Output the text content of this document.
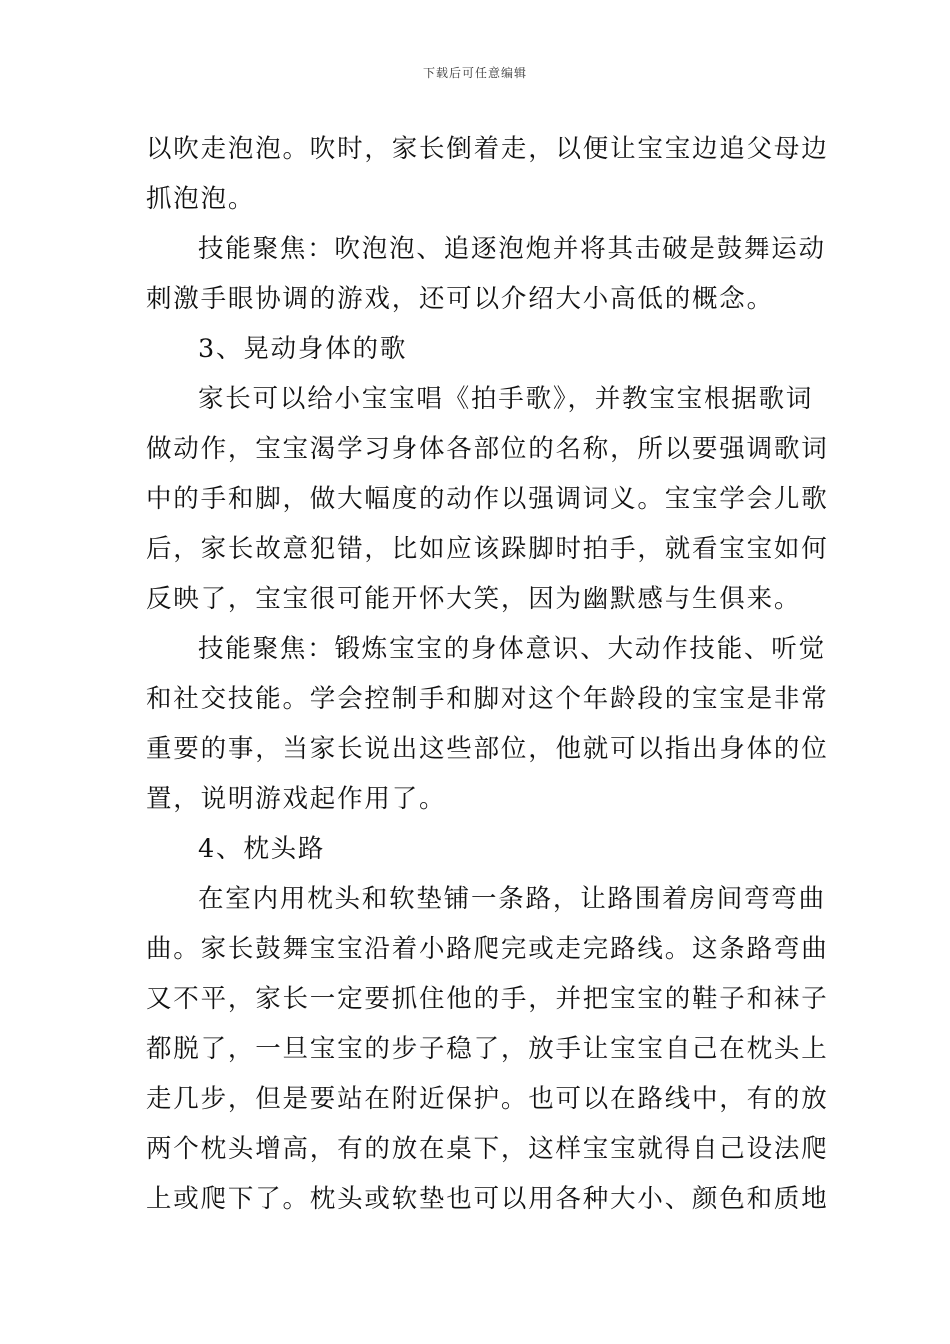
下载后可任意编辑
以吹走泡泡。吹时，家长倒着走，以便让宝宝边追父母边
抓泡泡。
技能聚焦：吹泡泡、追逐泡炮并将其击破是鼓舞运动
刺激手眼协调的游戏，还可以介绍大小高低的概念。
3、晃动身体的歌
家长可以给小宝宝唱《拍手歌》，并教宝宝根据歌词
做动作，宝宝渴学习身体各部位的名称，所以要强调歌词
中的手和脚，做大幅度的动作以强调词义。宝宝学会儿歌
后，家长故意犯错，比如应该跺脚时拍手，就看宝宝如何
反映了，宝宝很可能开怀大笑，因为幽默感与生俱来。
技能聚焦：锻炼宝宝的身体意识、大动作技能、听觉
和社交技能。学会控制手和脚对这个年龄段的宝宝是非常
重要的事，当家长说出这些部位，他就可以指出身体的位
置，说明游戏起作用了。
4、枕头路
在室内用枕头和软垫铺一条路，让路围着房间弯弯曲
曲。家长鼓舞宝宝沿着小路爬完或走完路线。这条路弯曲
又不平，家长一定要抓住他的手，并把宝宝的鞋子和袜子
都脱了，一旦宝宝的步子稳了，放手让宝宝自己在枕头上
走几步，但是要站在附近保护。也可以在路线中，有的放
两个枕头增高，有的放在桌下，这样宝宝就得自己设法爬
上或爬下了。枕头或软垫也可以用各种大小、颜色和质地
